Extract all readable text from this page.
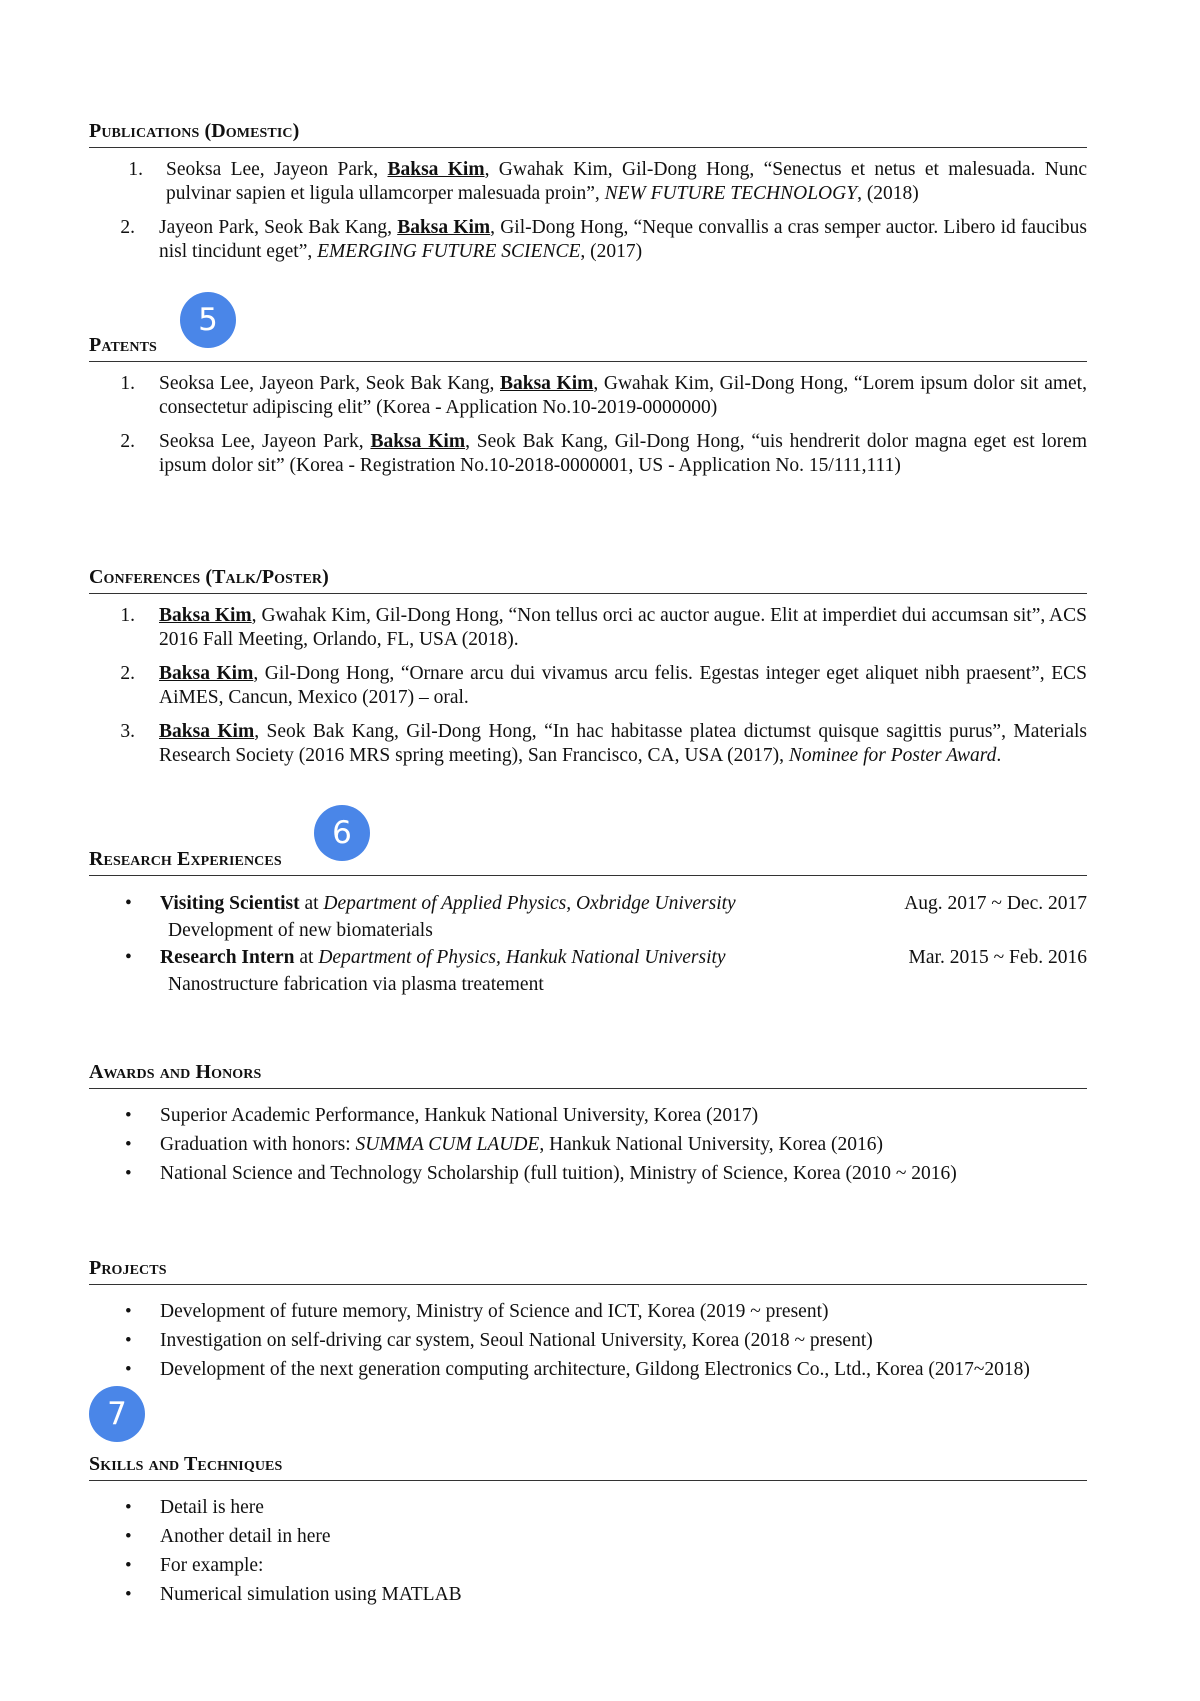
Publications (Domestic)
1. Seoksa Lee, Jayeon Park, Baksa Kim, Gwahak Kim, Gil-Dong Hong, “Senectus et netus et malesuada. Nunc pulvinar sapien et ligula ullamcorper malesuada proin”, NEW FUTURE TECHNOLOGY, (2018)
2. Jayeon Park, Seok Bak Kang, Baksa Kim, Gil-Dong Hong, “Neque convallis a cras semper auctor. Libero id faucibus nisl tincidunt eget”, EMERGING FUTURE SCIENCE, (2017)
5
Patents
1. Seoksa Lee, Jayeon Park, Seok Bak Kang, Baksa Kim, Gwahak Kim, Gil-Dong Hong, “Lorem ipsum dolor sit amet, consectetur adipiscing elit” (Korea - Application No.10-2019-0000000)
2. Seoksa Lee, Jayeon Park, Baksa Kim, Seok Bak Kang, Gil-Dong Hong, “uis hendrerit dolor magna eget est lorem ipsum dolor sit” (Korea - Registration No.10-2018-0000001, US - Application No. 15/111,111)
Conferences (Talk/Poster)
1. Baksa Kim, Gwahak Kim, Gil-Dong Hong, “Non tellus orci ac auctor augue. Elit at imperdiet dui accumsan sit”, ACS 2016 Fall Meeting, Orlando, FL, USA (2018).
2. Baksa Kim, Gil-Dong Hong, “Ornare arcu dui vivamus arcu felis. Egestas integer eget aliquet nibh praesent”, ECS AiMES, Cancun, Mexico (2017) – oral.
3. Baksa Kim, Seok Bak Kang, Gil-Dong Hong, “In hac habitasse platea dictumst quisque sagittis purus”, Materials Research Society (2016 MRS spring meeting), San Francisco, CA, USA (2017), Nominee for Poster Award.
6
Research Experiences
• Visiting Scientist at Department of Applied Physics, Oxbridge University	Aug. 2017 ~ Dec. 2017
Development of new biomaterials
• Research Intern at Department of Physics, Hankuk National University	Mar. 2015 ~ Feb. 2016
Nanostructure fabrication via plasma treatement
Awards and Honors
• Superior Academic Performance, Hankuk National University, Korea (2017)
• Graduation with honors: SUMMA CUM LAUDE, Hankuk National University, Korea (2016)
• National Science and Technology Scholarship (full tuition), Ministry of Science, Korea (2010 ~ 2016)
Projects
• Development of future memory, Ministry of Science and ICT, Korea (2019 ~ present)
• Investigation on self-driving car system, Seoul National University, Korea (2018 ~ present)
• Development of the next generation computing architecture, Gildong Electronics Co., Ltd., Korea (2017~2018)
7
Skills and Techniques
• Detail is here
• Another detail in here
• For example:
• Numerical simulation using MATLAB
